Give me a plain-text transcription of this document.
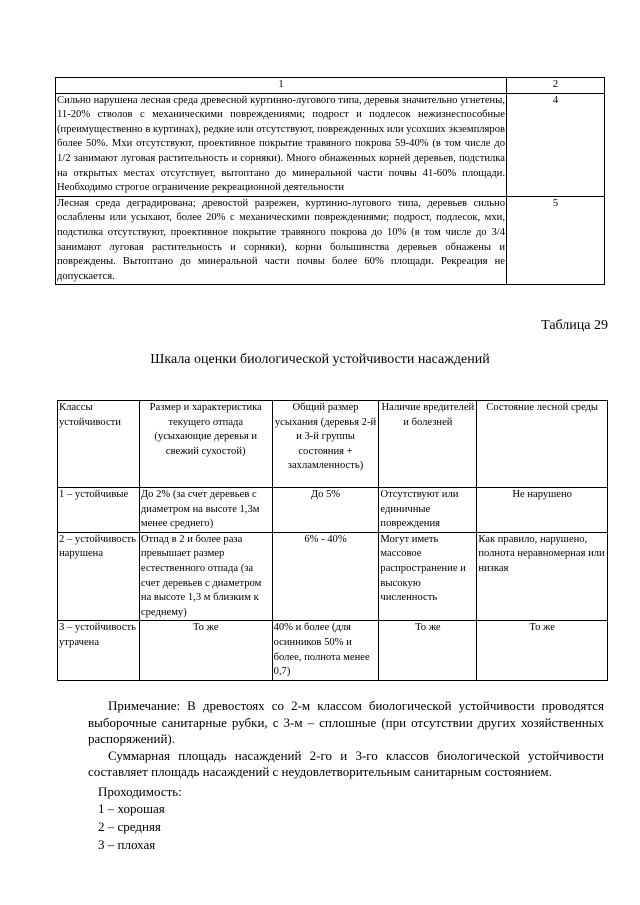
1	2
Сильно нарушена лесная среда древесной куртинно-лугового типа, деревья значительно угнетены, 11-20% стволов с механическими повреждениями; подрост и подлесок нежизнеспособные (преимущественно в куртинах), редкие или отсутствуют, поврежденных или усохших экземпляров более 50%. Мхи отсутствуют, проективное покрытие травяного покрова 59-40% (в том числе до 1/2 занимают луговая растительность и сорняки). Много обнаженных корней деревьев, подстилка на открытых местах отсутствует, вытоптано до минеральной части почвы 41-60% площади. Необходимо строгое ограничение рекреационной деятельности	4
Лесная среда деградирована; древостой разрежен, куртинно-лугового типа, деревьев сильно ослаблены или усыхают, более 20% с механическими повреждениями; подрост, подлесок, мхи, подстилка отсутствуют, проективное покрытие травяного покрова до 10% (в том числе до 3/4 занимают луговая растительность и сорняки), корни большинства деревьев обнажены и повреждены. Вытоптано до минеральной части почвы более 60% площади. Рекреация не допускается.	5
Таблица 29
Шкала оценки биологической устойчивости насаждений
Классы устойчивости	Размер и характеристика текущего отпада (усыхающие деревья и свежий сухостой)	Общий размер усыхания (деревья 2-й и 3-й группы состояния + захламленность)	Наличие вредителей и болезней	Состояние лесной среды
1 – устойчивые	До 2% (за счет деревьев с диаметром на высоте 1,3м менее среднего)	До 5%	Отсутствуют или единичные повреждения	Не нарушено
2 – устойчивость нарушена	Отпад в 2 и более раза превышает размер естественного отпада (за счет деревьев с диаметром на высоте 1,3 м близким к среднему)	6% - 40%	Могут иметь массовое распространение и высокую численность	Как правило, нарушено, полнота неравномерная или низкая
3 – устойчивость утрачена	То же	40% и более (для осинников 50% и более, полнота менее 0,7)	То же	То же

Примечание: В древостоях со 2-м классом биологической устойчивости проводятся выборочные санитарные рубки, с 3-м – сплошные (при отсутствии других хозяйственных распоряжений).

Суммарная площадь насаждений 2-го и 3-го классов биологической устойчивости составляет площадь насаждений с неудовлетворительным санитарным состоянием.

Проходимость:
1 – хорошая
2 – средняя
3 – плохая
